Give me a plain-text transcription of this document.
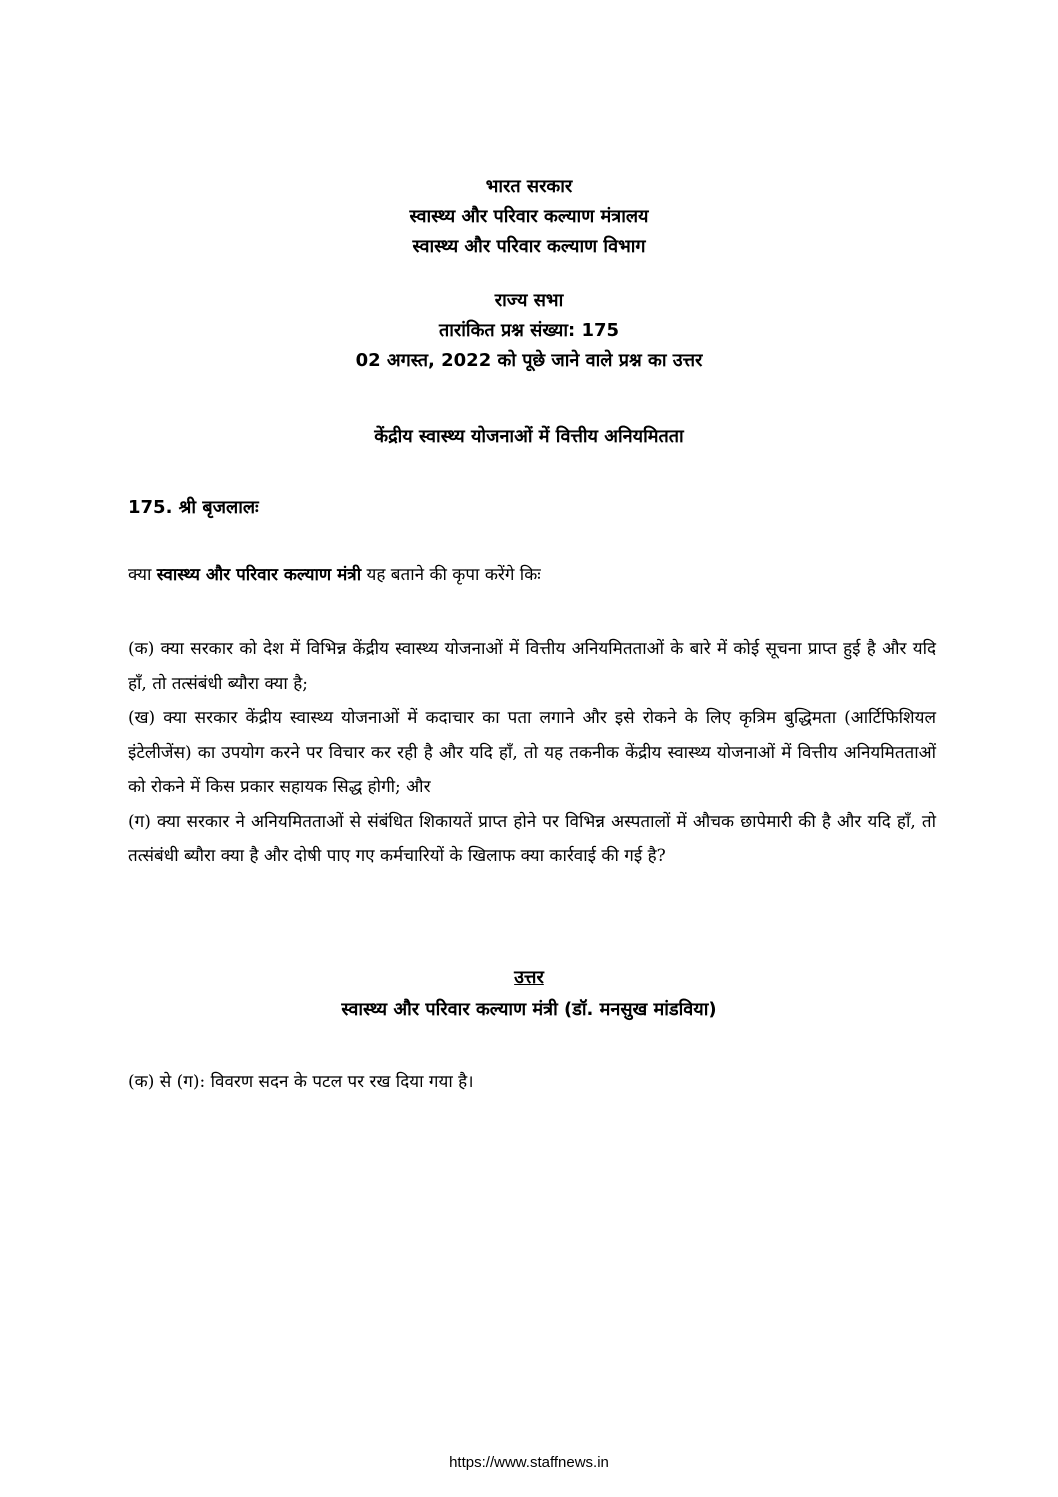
भारत सरकार
स्वास्थ्य और परिवार कल्याण मंत्रालय
स्वास्थ्य और परिवार कल्याण विभाग
राज्य सभा
तारांकित प्रश्न संख्या: 175
02 अगस्त, 2022 को पूछे जाने वाले प्रश्न का उत्तर
केंद्रीय स्वास्थ्य योजनाओं में वित्तीय अनियमितता
175. श्री बृजलालः
क्या स्वास्थ्य और परिवार कल्याण मंत्री यह बताने की कृपा करेंगे किः

(क) क्या सरकार को देश में विभिन्न केंद्रीय स्वास्थ्य योजनाओं में वित्तीय अनियमितताओं के बारे में कोई सूचना प्राप्त हुई है और यदि हाँ, तो तत्संबंधी ब्यौरा क्या है;

(ख) क्या सरकार केंद्रीय स्वास्थ्य योजनाओं में कदाचार का पता लगाने और इसे रोकने के लिए कृत्रिम बुद्धिमता (आर्टिफिशियल इंटेलीजेंस) का उपयोग करने पर विचार कर रही है और यदि हाँ, तो यह तकनीक केंद्रीय स्वास्थ्य योजनाओं में वित्तीय अनियमितताओं को रोकने में किस प्रकार सहायक सिद्ध होगी; और

(ग) क्या सरकार ने अनियमितताओं से संबंधित शिकायतें प्राप्त होने पर विभिन्न अस्पतालों में औचक छापेमारी की है और यदि हाँ, तो तत्संबंधी ब्यौरा क्या है और दोषी पाए गए कर्मचारियों के खिलाफ क्या कार्रवाई की गई है?

उत्तर
स्वास्थ्य और परिवार कल्याण मंत्री (डॉ. मनसुख मांडविया)
(क) से (ग): विवरण सदन के पटल पर रख दिया गया है।
https://www.staffnews.in
